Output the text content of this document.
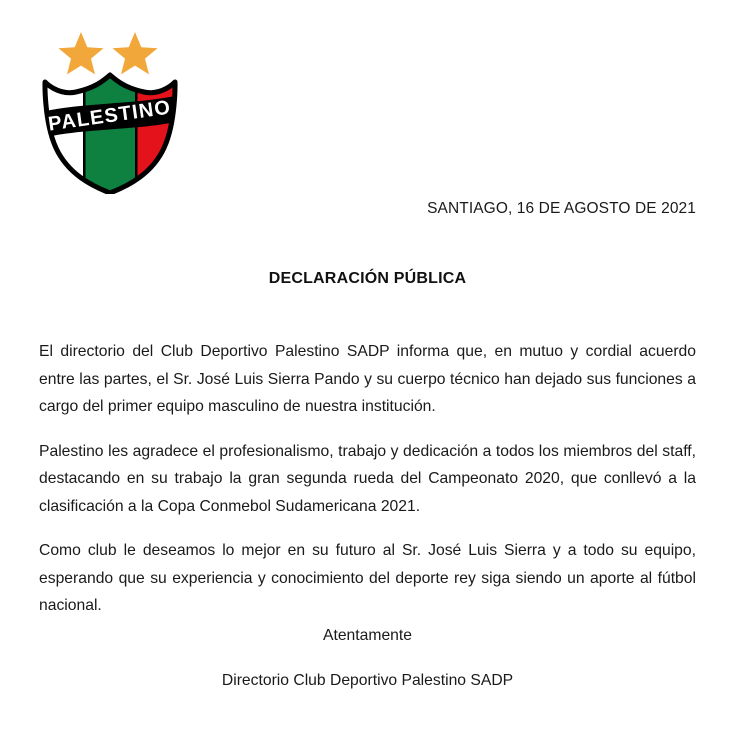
PALESTINO
SANTIAGO, 16 DE AGOSTO DE 2021
DECLARACIÓN PÚBLICA

El directorio del Club Deportivo Palestino SADP informa que, en mutuo y cordial acuerdo entre las partes, el Sr. José Luis Sierra Pando y su cuerpo técnico han dejado sus funciones a cargo del primer equipo masculino de nuestra institución.

Palestino les agradece el profesionalismo, trabajo y dedicación a todos los miembros del staff, destacando en su trabajo la gran segunda rueda del Campeonato 2020, que conllevó a la clasificación a la Copa Conmebol Sudamericana 2021.

Como club le deseamos lo mejor en su futuro al Sr. José Luis Sierra y a todo su equipo, esperando que su experiencia y conocimiento del deporte rey siga siendo un aporte al fútbol nacional.

Atentamente
Directorio Club Deportivo Palestino SADP
